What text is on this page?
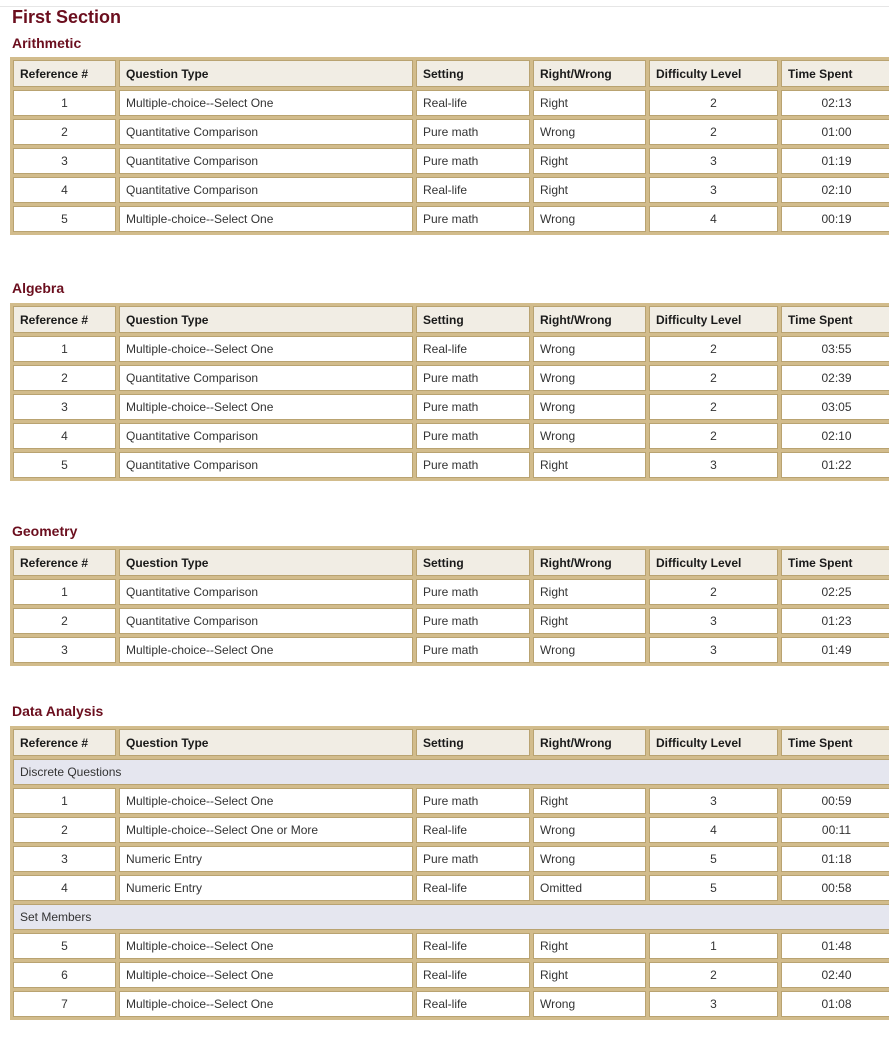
First Section
Arithmetic
Reference #	Question Type	Setting	Right/Wrong	Difficulty Level	Time Spent
1	Multiple-choice--Select One	Real-life	Right	2	02:13
2	Quantitative Comparison	Pure math	Wrong	2	01:00
3	Quantitative Comparison	Pure math	Right	3	01:19
4	Quantitative Comparison	Real-life	Right	3	02:10
5	Multiple-choice--Select One	Pure math	Wrong	4	00:19
Algebra
Reference #	Question Type	Setting	Right/Wrong	Difficulty Level	Time Spent
1	Multiple-choice--Select One	Real-life	Wrong	2	03:55
2	Quantitative Comparison	Pure math	Wrong	2	02:39
3	Multiple-choice--Select One	Pure math	Wrong	2	03:05
4	Quantitative Comparison	Pure math	Wrong	2	02:10
5	Quantitative Comparison	Pure math	Right	3	01:22
Geometry
Reference #	Question Type	Setting	Right/Wrong	Difficulty Level	Time Spent
1	Quantitative Comparison	Pure math	Right	2	02:25
2	Quantitative Comparison	Pure math	Right	3	01:23
3	Multiple-choice--Select One	Pure math	Wrong	3	01:49
Data Analysis
Reference #	Question Type	Setting	Right/Wrong	Difficulty Level	Time Spent
Discrete Questions					
1	Multiple-choice--Select One	Pure math	Right	3	00:59
2	Multiple-choice--Select One or More	Real-life	Wrong	4	00:11
3	Numeric Entry	Pure math	Wrong	5	01:18
4	Numeric Entry	Real-life	Omitted	5	00:58
Set Members					
5	Multiple-choice--Select One	Real-life	Right	1	01:48
6	Multiple-choice--Select One	Real-life	Right	2	02:40
7	Multiple-choice--Select One	Real-life	Wrong	3	01:08
